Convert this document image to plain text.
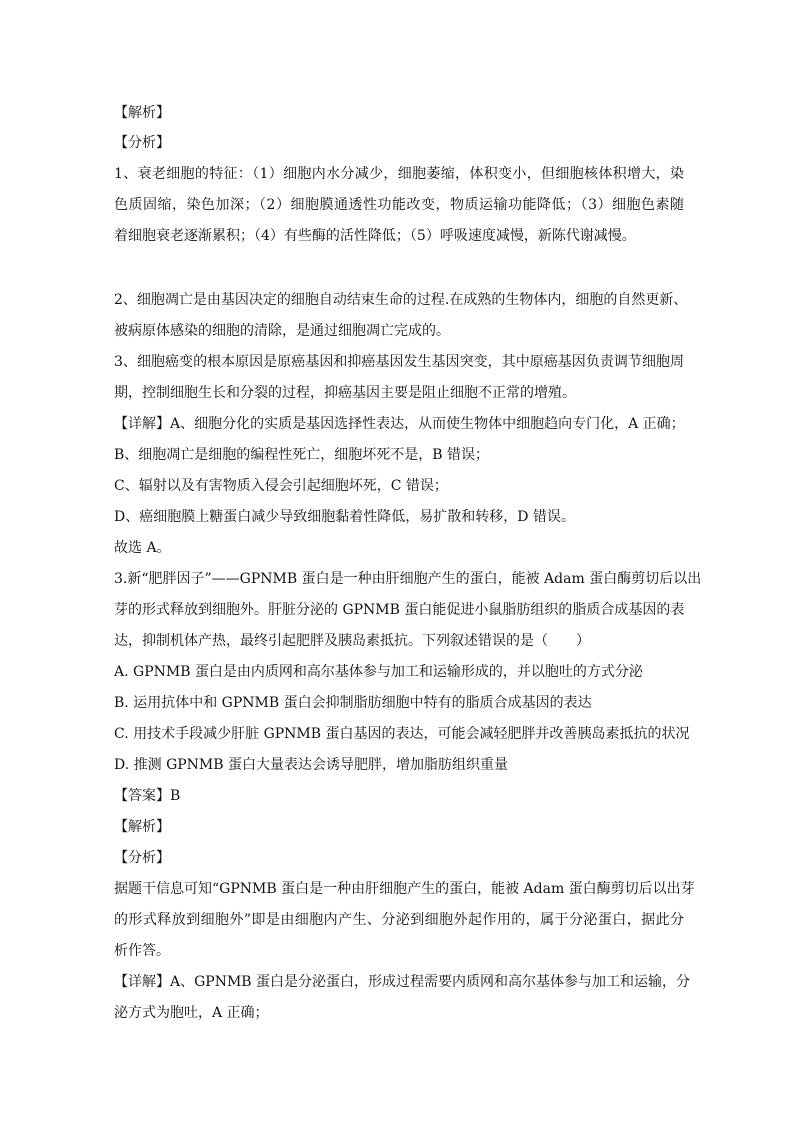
【解析】
【分析】
1、衰老细胞的特征：（1）细胞内水分减少，细胞萎缩，体积变小，但细胞核体积增大，染
色质固缩，染色加深；（2）细胞膜通透性功能改变，物质运输功能降低；（3）细胞色素随
着细胞衰老逐渐累积；（4）有些酶的活性降低；（5）呼吸速度减慢，新陈代谢减慢。
2、细胞凋亡是由基因决定的细胞自动结束生命的过程.在成熟的生物体内，细胞的自然更新、
被病原体感染的细胞的清除，是通过细胞凋亡完成的。
3、细胞癌变的根本原因是原癌基因和抑癌基因发生基因突变，其中原癌基因负责调节细胞周
期，控制细胞生长和分裂的过程，抑癌基因主要是阻止细胞不正常的增殖。
【详解】A、细胞分化的实质是基因选择性表达，从而使生物体中细胞趋向专门化，A 正确；
B、细胞凋亡是细胞的编程性死亡，细胞坏死不是，B 错误；
C、辐射以及有害物质入侵会引起细胞坏死，C 错误；
D、癌细胞膜上糖蛋白减少导致细胞黏着性降低，易扩散和转移，D 错误。
故选 A。
3.新“肥胖因子”——GPNMB 蛋白是一种由肝细胞产生的蛋白，能被 Adam 蛋白酶剪切后以出
芽的形式释放到细胞外。肝脏分泌的 GPNMB 蛋白能促进小鼠脂肪组织的脂质合成基因的表
达，抑制机体产热，最终引起肥胖及胰岛素抵抗。下列叙述错误的是（　　）
A. GPNMB 蛋白是由内质网和高尔基体参与加工和运输形成的，并以胞吐的方式分泌
B. 运用抗体中和 GPNMB 蛋白会抑制脂肪细胞中特有的脂质合成基因的表达
C. 用技术手段减少肝脏 GPNMB 蛋白基因的表达，可能会减轻肥胖并改善胰岛素抵抗的状况
D. 推测 GPNMB 蛋白大量表达会诱导肥胖，增加脂肪组织重量
【答案】B
【解析】
【分析】
据题干信息可知“GPNMB 蛋白是一种由肝细胞产生的蛋白，能被 Adam 蛋白酶剪切后以出芽
的形式释放到细胞外”即是由细胞内产生、分泌到细胞外起作用的，属于分泌蛋白，据此分
析作答。
【详解】A、GPNMB 蛋白是分泌蛋白，形成过程需要内质网和高尔基体参与加工和运输，分
泌方式为胞吐，A 正确；
